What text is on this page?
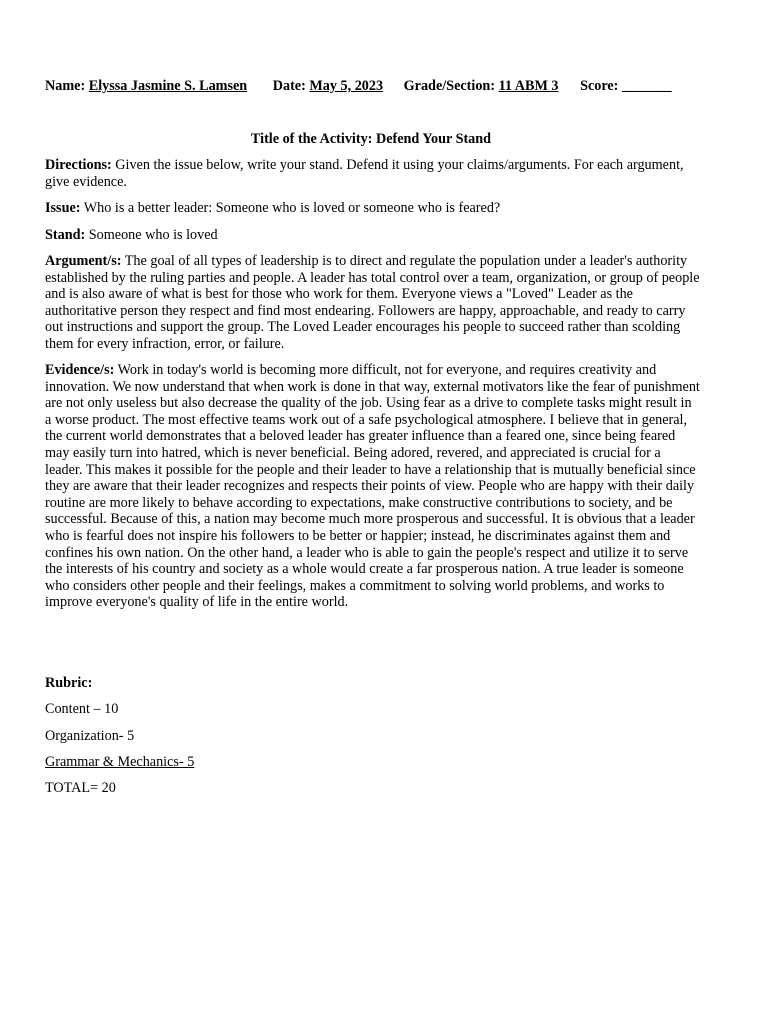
Name: Elyssa Jasmine S. Lamsen Date: May 5, 2023 Grade/Section: 11 ABM 3 Score: _______
Title of the Activity: Defend Your Stand

Directions: Given the issue below, write your stand. Defend it using your claims/arguments. For each argument, give evidence.

Issue: Who is a better leader: Someone who is loved or someone who is feared?

Stand: Someone who is loved

Argument/s: The goal of all types of leadership is to direct and regulate the population under a leader's authority established by the ruling parties and people. A leader has total control over a team, organization, or group of people and is also aware of what is best for those who work for them. Everyone views a "Loved" Leader as the authoritative person they respect and find most endearing. Followers are happy, approachable, and ready to carry out instructions and support the group. The Loved Leader encourages his people to succeed rather than scolding them for every infraction, error, or failure.

Evidence/s: Work in today's world is becoming more difficult, not for everyone, and requires creativity and innovation. We now understand that when work is done in that way, external motivators like the fear of punishment are not only useless but also decrease the quality of the job. Using fear as a drive to complete tasks might result in a worse product. The most effective teams work out of a safe psychological atmosphere. I believe that in general, the current world demonstrates that a beloved leader has greater influence than a feared one, since being feared may easily turn into hatred, which is never beneficial. Being adored, revered, and appreciated is crucial for a leader. This makes it possible for the people and their leader to have a relationship that is mutually beneficial since they are aware that their leader recognizes and respects their points of view. People who are happy with their daily routine are more likely to behave according to expectations, make constructive contributions to society, and be successful. Because of this, a nation may become much more prosperous and successful. It is obvious that a leader who is fearful does not inspire his followers to be better or happier; instead, he discriminates against them and confines his own nation. On the other hand, a leader who is able to gain the people's respect and utilize it to serve the interests of his country and society as a whole would create a far prosperous nation. A true leader is someone who considers other people and their feelings, makes a commitment to solving world problems, and works to improve everyone's quality of life in the entire world.

Rubric:

Content – 10

Organization- 5

Grammar & Mechanics- 5

TOTAL= 20
